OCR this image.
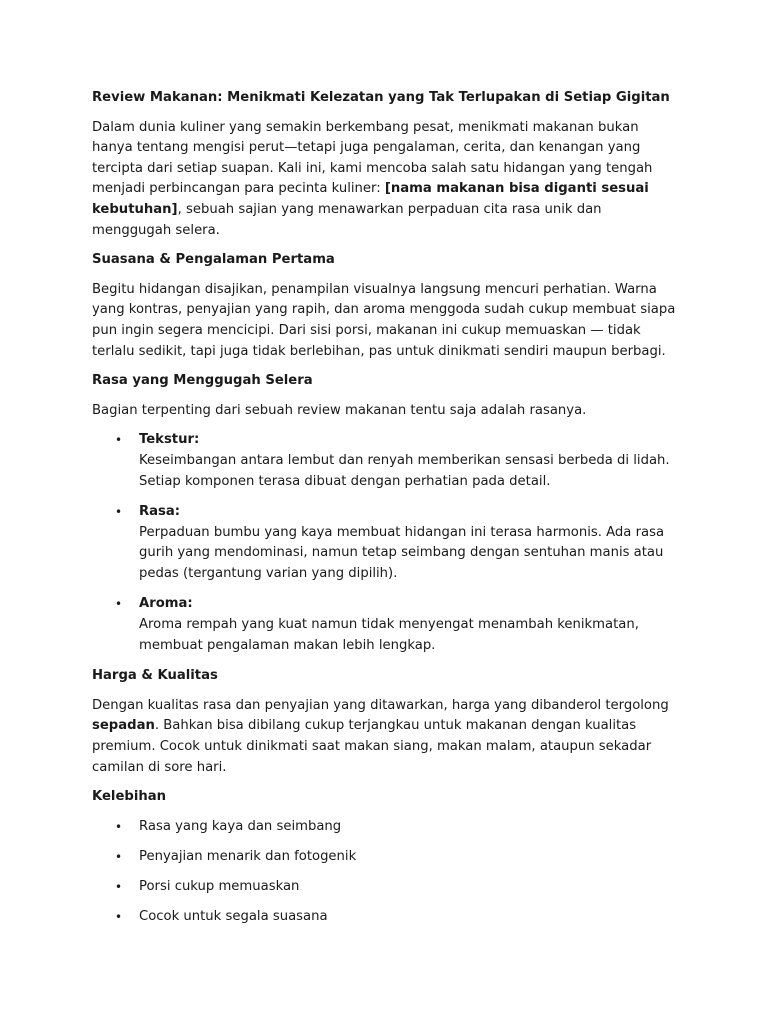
Review Makanan: Menikmati Kelezatan yang Tak Terlupakan di Setiap Gigitan

Dalam dunia kuliner yang semakin berkembang pesat, menikmati makanan bukan hanya tentang mengisi perut—tetapi juga pengalaman, cerita, dan kenangan yang tercipta dari setiap suapan. Kali ini, kami mencoba salah satu hidangan yang tengah menjadi perbincangan para pecinta kuliner: [nama makanan bisa diganti sesuai kebutuhan], sebuah sajian yang menawarkan perpaduan cita rasa unik dan menggugah selera.

Suasana & Pengalaman Pertama

Begitu hidangan disajikan, penampilan visualnya langsung mencuri perhatian. Warna yang kontras, penyajian yang rapih, dan aroma menggoda sudah cukup membuat siapa pun ingin segera mencicipi. Dari sisi porsi, makanan ini cukup memuaskan — tidak terlalu sedikit, tapi juga tidak berlebihan, pas untuk dinikmati sendiri maupun berbagi.

Rasa yang Menggugah Selera

Bagian terpenting dari sebuah review makanan tentu saja adalah rasanya.

• Tekstur:
Keseimbangan antara lembut dan renyah memberikan sensasi berbeda di lidah. Setiap komponen terasa dibuat dengan perhatian pada detail.
• Rasa:
Perpaduan bumbu yang kaya membuat hidangan ini terasa harmonis. Ada rasa gurih yang mendominasi, namun tetap seimbang dengan sentuhan manis atau pedas (tergantung varian yang dipilih).
• Aroma:
Aroma rempah yang kuat namun tidak menyengat menambah kenikmatan, membuat pengalaman makan lebih lengkap.
Harga & Kualitas

Dengan kualitas rasa dan penyajian yang ditawarkan, harga yang dibanderol tergolong sepadan. Bahkan bisa dibilang cukup terjangkau untuk makanan dengan kualitas premium. Cocok untuk dinikmati saat makan siang, makan malam, ataupun sekadar camilan di sore hari.

Kelebihan
• Rasa yang kaya dan seimbang
• Penyajian menarik dan fotogenik
• Porsi cukup memuaskan
• Cocok untuk segala suasana
